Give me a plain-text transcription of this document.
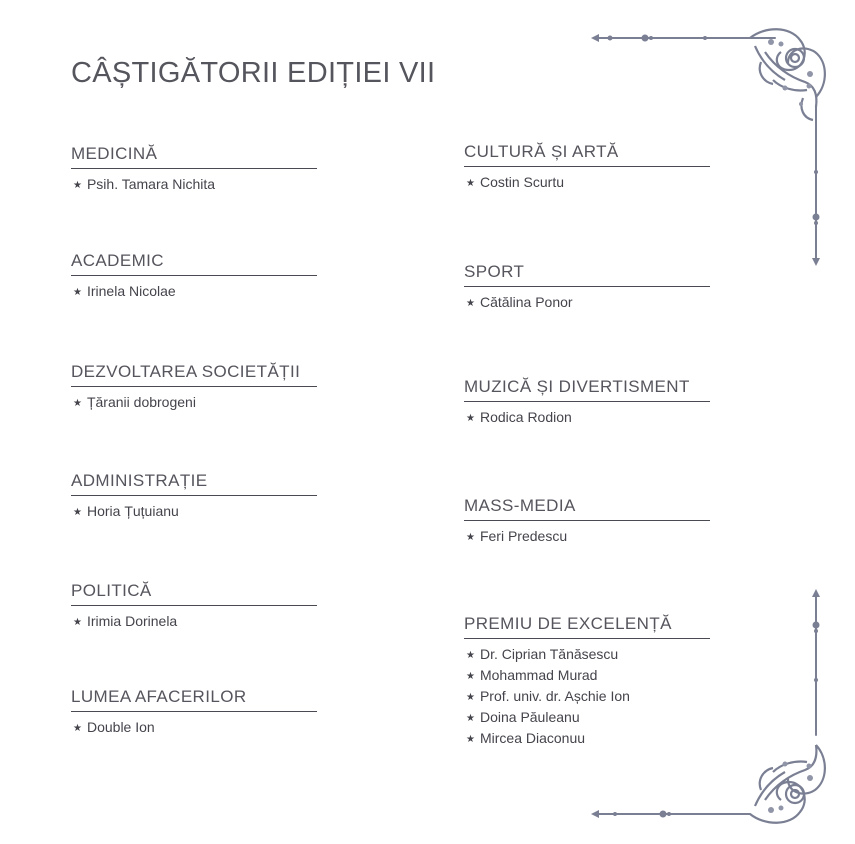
CÂȘTIGĂTORII EDIȚIEI VII
MEDICINĂ
★ Psih. Tamara Nichita
ACADEMIC
★ Irinela Nicolae
DEZVOLTAREA SOCIETĂȚII
★ Țăranii dobrogeni
ADMINISTRAȚIE
★ Horia Țuțuianu
POLITICĂ
★ Irimia Dorinela
LUMEA AFACERILOR
★ Double Ion
CULTURĂ ȘI ARTĂ
★ Costin Scurtu
SPORT
★ Cătălina Ponor
MUZICĂ ȘI DIVERTISMENT
★ Rodica Rodion
MASS-MEDIA
★ Feri Predescu
PREMIU DE EXCELENȚĂ
★ Dr. Ciprian Tănăsescu
★ Mohammad Murad
★ Prof. univ. dr. Așchie Ion
★ Doina Păuleanu
★ Mircea Diaconuu
